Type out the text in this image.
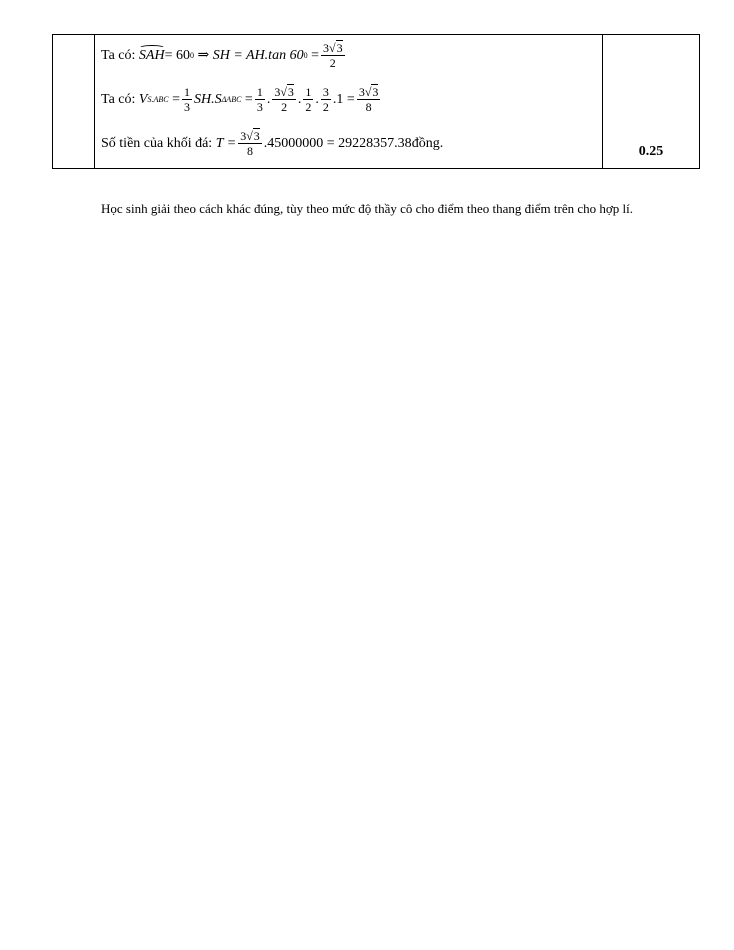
Ta có:
SAH = 60 0
⇒
SH = AH.tan 60 0
= $\frac{3√3}{2}$
Ta có:
V S.ABC
= $\frac{1}{3} SH.S$ ΔABC
= $\frac{1}{3}$ . $\frac{3√3}{2}$ . $\frac{1}{2}$ . $\frac{3}{2} .1 = \frac{3√3}{8}$
Số tiền của khối đá:
$T = \frac{3√3}{8} .45000000 = 29228357.38$ đồng.
0.25
Học sinh giải theo cách khác đúng, tùy theo mức độ thầy cô cho điểm theo thang điểm trên cho hợp lí.
